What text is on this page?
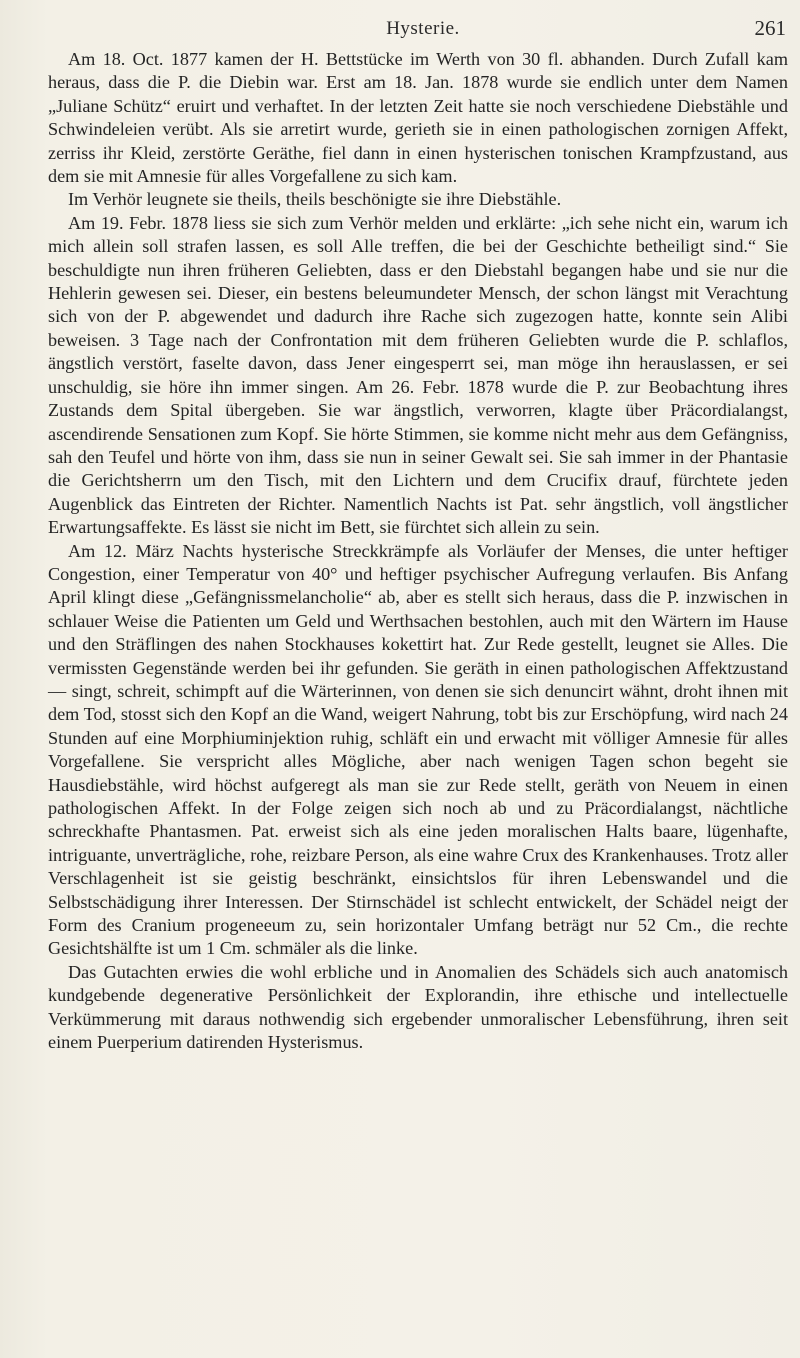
Hysterie.	261

Am 18. Oct. 1877 kamen der H. Bettstücke im Werth von 30 fl. abhanden. Durch Zufall kam heraus, dass die P. die Diebin war. Erst am 18. Jan. 1878 wurde sie endlich unter dem Namen „Juliane Schütz“ eruirt und verhaftet. In der letzten Zeit hatte sie noch verschiedene Diebstähle und Schwindeleien verübt. Als sie arretirt wurde, gerieth sie in einen pathologischen zornigen Affekt, zerriss ihr Kleid, zerstörte Geräthe, fiel dann in einen hysterischen tonischen Krampfzustand, aus dem sie mit Amnesie für alles Vorgefallene zu sich kam.

Im Verhör leugnete sie theils, theils beschönigte sie ihre Diebstähle.

Am 19. Febr. 1878 liess sie sich zum Verhör melden und erklärte: „ich sehe nicht ein, warum ich mich allein soll strafen lassen, es soll Alle treffen, die bei der Geschichte betheiligt sind.“ Sie beschuldigte nun ihren früheren Geliebten, dass er den Diebstahl begangen habe und sie nur die Hehlerin gewesen sei. Dieser, ein bestens beleumundeter Mensch, der schon längst mit Verachtung sich von der P. abgewendet und dadurch ihre Rache sich zugezogen hatte, konnte sein Alibi beweisen. 3 Tage nach der Confrontation mit dem früheren Geliebten wurde die P. schlaflos, ängstlich verstört, faselte davon, dass Jener eingesperrt sei, man möge ihn herauslassen, er sei unschuldig, sie höre ihn immer singen. Am 26. Febr. 1878 wurde die P. zur Beobachtung ihres Zustands dem Spital übergeben. Sie war ängstlich, verworren, klagte über Präcordialangst, ascendirende Sensationen zum Kopf. Sie hörte Stimmen, sie komme nicht mehr aus dem Gefängniss, sah den Teufel und hörte von ihm, dass sie nun in seiner Gewalt sei. Sie sah immer in der Phantasie die Gerichtsherrn um den Tisch, mit den Lichtern und dem Crucifix drauf, fürchtete jeden Augenblick das Eintreten der Richter. Namentlich Nachts ist Pat. sehr ängstlich, voll ängstlicher Erwartungsaffekte. Es lässt sie nicht im Bett, sie fürchtet sich allein zu sein.

Am 12. März Nachts hysterische Streckkrämpfe als Vorläufer der Menses, die unter heftiger Congestion, einer Temperatur von 40° und heftiger psychischer Aufregung verlaufen. Bis Anfang April klingt diese „Gefängnissmelancholie“ ab, aber es stellt sich heraus, dass die P. inzwischen in schlauer Weise die Patienten um Geld und Werthsachen bestohlen, auch mit den Wärtern im Hause und den Sträflingen des nahen Stockhauses kokettirt hat. Zur Rede gestellt, leugnet sie Alles. Die vermissten Gegenstände werden bei ihr gefunden. Sie geräth in einen pathologischen Affektzustand — singt, schreit, schimpft auf die Wärterinnen, von denen sie sich denuncirt wähnt, droht ihnen mit dem Tod, stosst sich den Kopf an die Wand, weigert Nahrung, tobt bis zur Erschöpfung, wird nach 24 Stunden auf eine Morphiuminjektion ruhig, schläft ein und erwacht mit völliger Amnesie für alles Vorgefallene. Sie verspricht alles Mögliche, aber nach wenigen Tagen schon begeht sie Hausdiebstähle, wird höchst aufgeregt als man sie zur Rede stellt, geräth von Neuem in einen pathologischen Affekt. In der Folge zeigen sich noch ab und zu Präcordialangst, nächtliche schreckhafte Phantasmen. Pat. erweist sich als eine jeden moralischen Halts baare, lügenhafte, intriguante, unverträgliche, rohe, reizbare Person, als eine wahre Crux des Krankenhauses. Trotz aller Verschlagenheit ist sie geistig beschränkt, einsichtslos für ihren Lebenswandel und die Selbstschädigung ihrer Interessen. Der Stirnschädel ist schlecht entwickelt, der Schädel neigt der Form des Cranium progeneeum zu, sein horizontaler Umfang beträgt nur 52 Cm., die rechte Gesichtshälfte ist um 1 Cm. schmäler als die linke.

Das Gutachten erwies die wohl erbliche und in Anomalien des Schädels sich auch anatomisch kundgebende degenerative Persönlichkeit der Explorandin, ihre ethische und intellectuelle Verkümmerung mit daraus nothwendig sich ergebender unmoralischer Lebensführung, ihren seit einem Puerperium datirenden Hysterismus.
